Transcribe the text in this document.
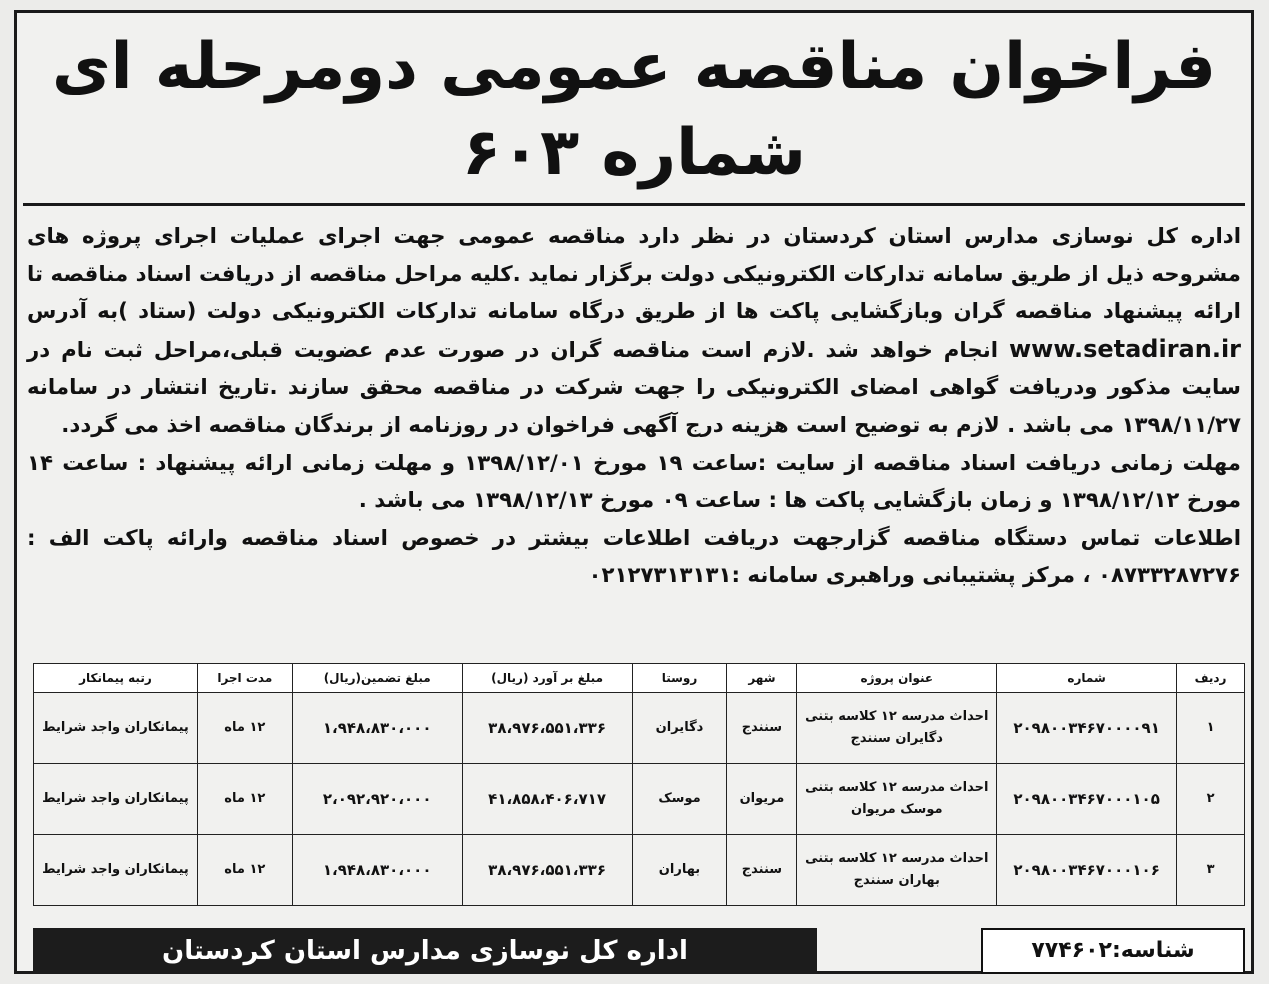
فراخوان مناقصه عمومی دومرحله ای
شماره ۶۰۳

اداره کل نوسازی مدارس استان کردستان در نظر دارد مناقصه عمومی جهت اجرای عملیات اجرای پروژه های مشروحه ذیل از طریق سامانه تدارکات الکترونیکی دولت برگزار نماید .کلیه مراحل مناقصه از دریافت اسناد مناقصه تا ارائه پیشنهاد مناقصه گران وبازگشایی پاکت ها از طریق درگاه سامانه تدارکات الکترونیکی دولت (ستاد )به آدرس www.setadiran.ir انجام خواهد شد .لازم است مناقصه گران در صورت عدم عضویت قبلی،مراحل ثبت نام در سایت مذکور ودریافت گواهی امضای الکترونیکی را جهت شرکت در مناقصه محقق سازند .تاریخ انتشار در سامانه ۱۳۹۸/۱۱/۲۷ می باشد . لازم به توضیح است هزینه درج آگهی فراخوان در روزنامه از برندگان مناقصه اخذ می گردد.

مهلت زمانی دریافت اسناد مناقصه از سایت :ساعت ۱۹ مورخ ۱۳۹۸/۱۲/۰۱ و مهلت زمانی ارائه پیشنهاد : ساعت ۱۴ مورخ ۱۳۹۸/۱۲/۱۲ و زمان بازگشایی پاکت ها : ساعت ۰۹ مورخ ۱۳۹۸/۱۲/۱۳ می باشد .

اطلاعات تماس دستگاه مناقصه گزارجهت دریافت اطلاعات بیشتر در خصوص اسناد مناقصه وارائه پاکت الف : ۰۸۷۳۳۲۸۷۲۷۶ ، مرکز پشتیبانی وراهبری سامانه :۰۲۱۲۷۳۱۳۱۳۱

ردیف	شماره	عنوان پروژه	شهر	روستا	مبلغ بر آورد (ریال)	مبلغ تضمین(ریال)	مدت اجرا	رتبه پیمانکار
۱	۲۰۹۸۰۰۳۴۶۷۰۰۰۰۹۱	احداث مدرسه ۱۲ کلاسه بتنی دگایران سنندج	سنندج	دگایران	۳۸،۹۷۶،۵۵۱،۳۳۶	۱،۹۴۸،۸۳۰،۰۰۰	۱۲ ماه	پیمانکاران واجد شرایط
۲	۲۰۹۸۰۰۳۴۶۷۰۰۰۱۰۵	احداث مدرسه ۱۲ کلاسه بتنی موسک مریوان	مریوان	موسک	۴۱،۸۵۸،۴۰۶،۷۱۷	۲،۰۹۲،۹۲۰،۰۰۰	۱۲ ماه	پیمانکاران واجد شرایط
۳	۲۰۹۸۰۰۳۴۶۷۰۰۰۱۰۶	احداث مدرسه ۱۲ کلاسه بتنی بهاران سنندج	سنندج	بهاران	۳۸،۹۷۶،۵۵۱،۳۳۶	۱،۹۴۸،۸۳۰،۰۰۰	۱۲ ماه	پیمانکاران واجد شرایط
شناسه:۷۷۴۶۰۲
اداره کل نوسازی مدارس استان کردستان
